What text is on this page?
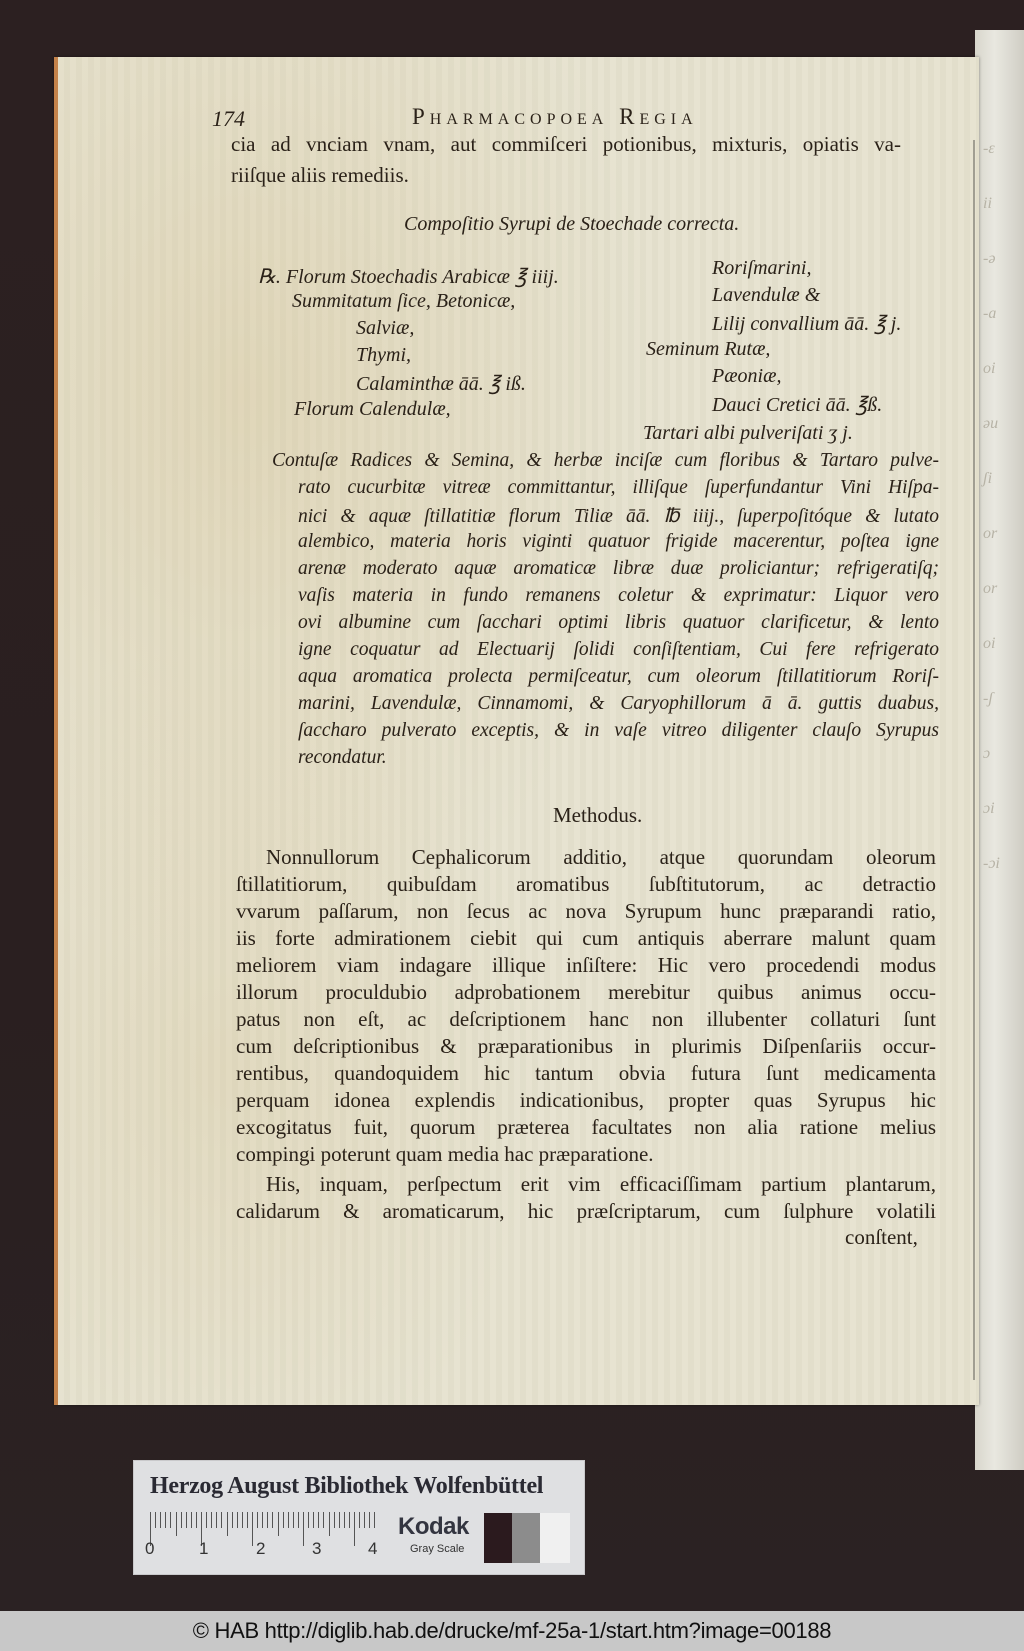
-ε
ii
-ə
-a
oi
əu
ʃi
or
or
oi
-ʃ
ɔ
ɔi
-ɔi
174	Pharmacopoea Regia
cia ad vnciam vnam, aut commiſceri potionibus, mixturis, opiatis va-
riiſque aliis remediis.
Compoſitio Syrupi de Stoechade correcta.
℞. Florum Stoechadis Arabicæ ℥ iiij.
Summitatum ſice, Betonicæ,
Salviæ,
Thymi,
Calaminthæ āā. ℥ iß.
Florum Calendulæ,
Roriſmarini,
Lavendulæ &
Lilij convallium āā. ℥ j.
Seminum Rutæ,
Pæoniæ,
Dauci Cretici āā. ℥ß.
Tartari albi pulveriſati ʒ j.
Contuſæ Radices & Semina, & herbæ inciſæ cum floribus & Tartaro pulve-
rato cucurbitæ vitreæ committantur, illiſque ſuperfundantur Vini Hiſpa-
nici & aquæ ſtillatitiæ florum Tiliæ āā. ℔ iiij., ſuperpoſitóque & lutato
alembico, materia horis viginti quatuor frigide macerentur, poſtea igne
arenæ moderato aquæ aromaticæ libræ duæ proliciantur; refrigeratiſq;
vaſis materia in fundo remanens coletur & exprimatur: Liquor vero
ovi albumine cum ſacchari optimi libris quatuor clarificetur, & lento
igne coquatur ad Electuarij ſolidi conſiſtentiam, Cui fere refrigerato
aqua aromatica prolecta permiſceatur, cum oleorum ſtillatitiorum Roriſ-
marini, Lavendulæ, Cinnamomi, & Caryophillorum ā ā. guttis duabus,
ſaccharo pulverato exceptis, & in vaſe vitreo diligenter clauſo Syrupus
recondatur.
Methodus.
Nonnullorum Cephalicorum additio, atque quorundam oleorum
ſtillatitiorum, quibuſdam aromatibus ſubſtitutorum, ac detractio
vvarum paſſarum, non ſecus ac nova Syrupum hunc præparandi ratio,
iis forte admirationem ciebit qui cum antiquis aberrare malunt quam
meliorem viam indagare illique inſiſtere: Hic vero procedendi modus
illorum proculdubio adprobationem merebitur quibus animus occu-
patus non eſt, ac deſcriptionem hanc non illubenter collaturi ſunt
cum deſcriptionibus & præparationibus in plurimis Diſpenſariis occur-
rentibus, quandoquidem hic tantum obvia futura ſunt medicamenta
perquam idonea explendis indicationibus, propter quas Syrupus hic
excogitatus fuit, quorum præterea facultates non alia ratione melius
compingi poterunt quam media hac præparatione.
His, inquam, perſpectum erit vim efficaciſſimam partium plantarum,
calidarum & aromaticarum, hic præſcriptarum, cum ſulphure volatili
conſtent,
Herzog August Bibliothek Wolfenbüttel
0	1	2	3	4
Kodak
Gray Scale
© HAB http://diglib.hab.de/drucke/mf-25a-1/start.htm?image=00188
